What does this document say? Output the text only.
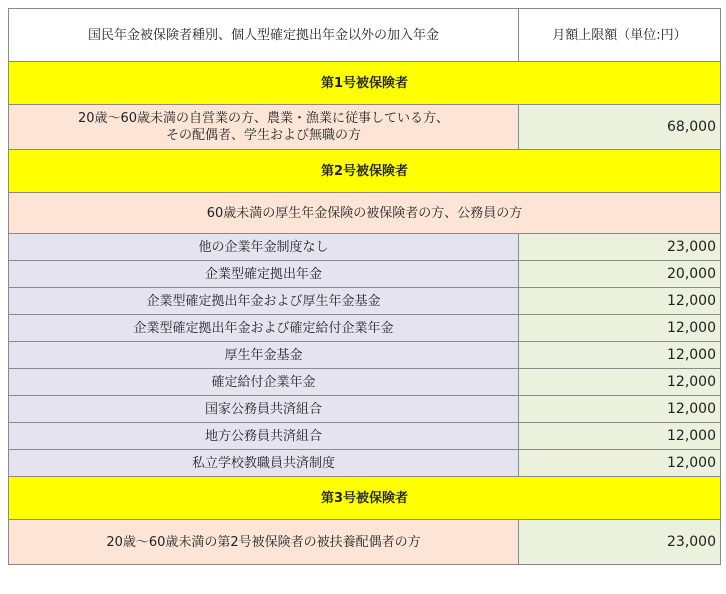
国民年金被保険者種別、個人型確定拠出年金以外の加入年金	月額上限額（単位:円）
第1号被保険者	
20歳～60歳未満の自営業の方、農業・漁業に従事している方、
その配偶者、学生および無職の方	68,000
第2号被保険者	
60歳未満の厚生年金保険の被保険者の方、公務員の方	
他の企業年金制度なし	23,000
企業型確定拠出年金	20,000
企業型確定拠出年金および厚生年金基金	12,000
企業型確定拠出年金および確定給付企業年金	12,000
厚生年金基金	12,000
確定給付企業年金	12,000
国家公務員共済組合	12,000
地方公務員共済組合	12,000
私立学校教職員共済制度	12,000
第3号被保険者	
20歳～60歳未満の第2号被保険者の被扶養配偶者の方	23,000
